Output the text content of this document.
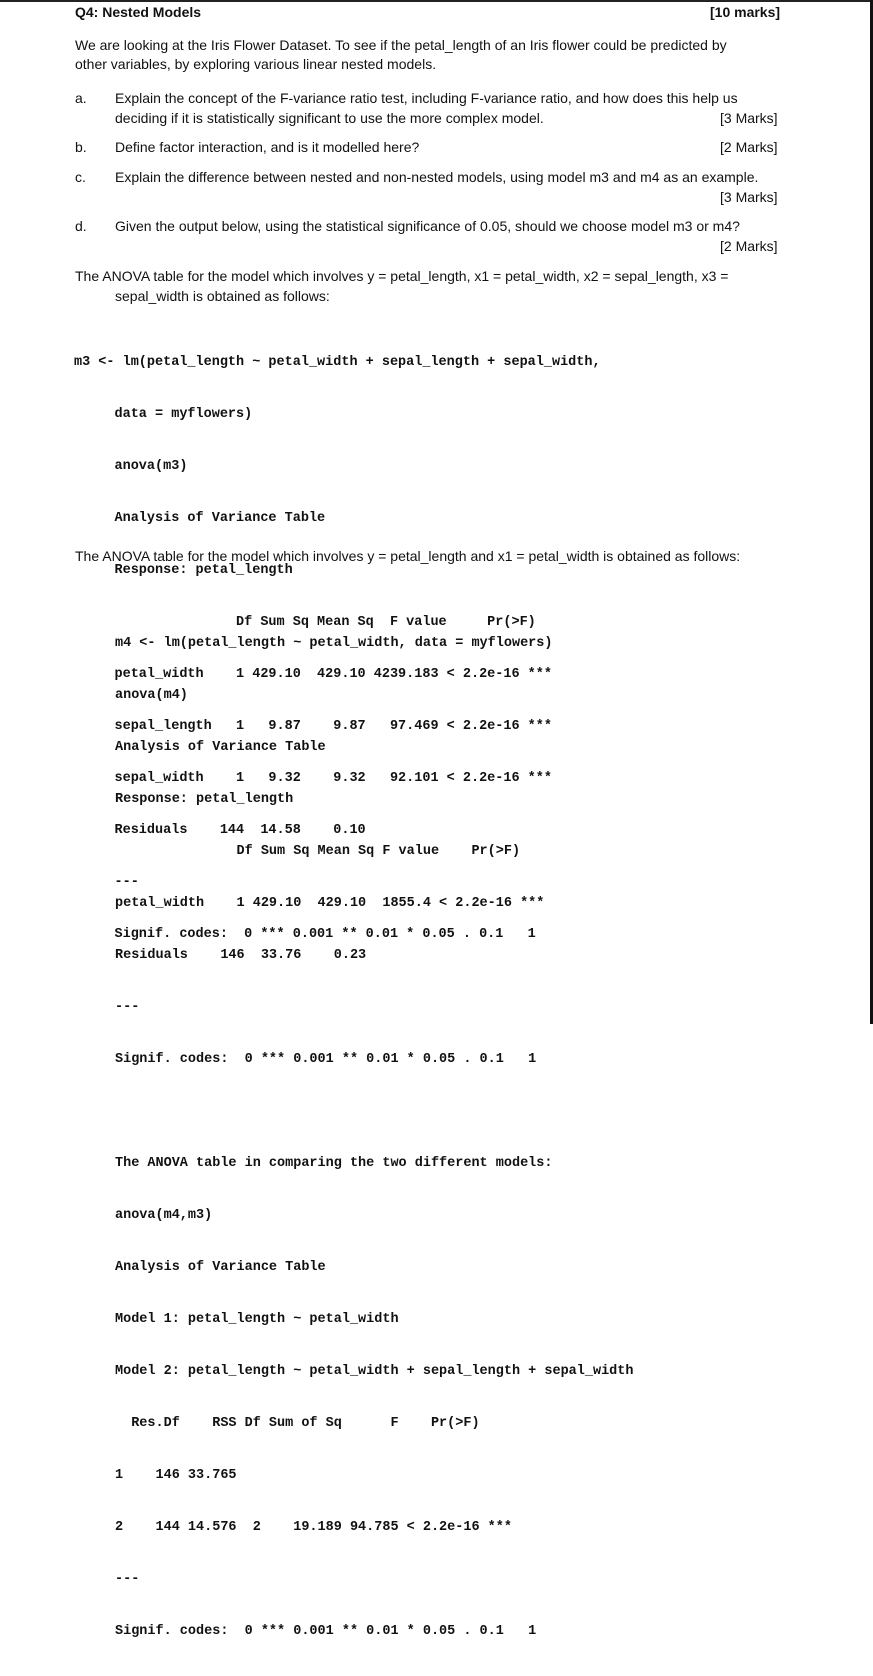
Q4: Nested Models	[10 marks]
We are looking at the Iris Flower Dataset. To see if the petal_length of an Iris flower could be predicted by
other variables, by exploring various linear nested models.
a.	Explain the concept of the F-variance ratio test, including F-variance ratio, and how does this help us
deciding if it is statistically significant to use the more complex model.	[3 Marks]
b.	Define factor interaction, and is it modelled here?	[2 Marks]
c.	Explain the difference between nested and non-nested models, using model m3 and m4 as an example.
[3 Marks]
d.	Given the output below, using the statistical significance of 0.05, should we choose model m3 or m4?
[2 Marks]
The ANOVA table for the model which involves y = petal_length, x1 = petal_width, x2 = sepal_length, x3 =
sepal_width is obtained as follows:

m3 <- lm(petal_length ~ petal_width + sepal_length + sepal_width,

data = myflowers)

anova(m3)

Analysis of Variance Table

Response: petal_length

Df Sum Sq Mean Sq  F value     Pr(>F)

petal_width    1 429.10  429.10 4239.183 < 2.2e-16 ***

sepal_length   1   9.87    9.87   97.469 < 2.2e-16 ***

sepal_width    1   9.32    9.32   92.101 < 2.2e-16 ***

Residuals    144  14.58    0.10

---

Signif. codes:  0 *** 0.001 ** 0.01 * 0.05 . 0.1   1

The ANOVA table for the model which involves y = petal_length and x1 = petal_width is obtained as follows:

m4 <- lm(petal_length ~ petal_width, data = myflowers)

anova(m4)

Analysis of Variance Table

Response: petal_length

Df Sum Sq Mean Sq F value    Pr(>F)

petal_width    1 429.10  429.10  1855.4 < 2.2e-16 ***

Residuals    146  33.76    0.23

---

Signif. codes:  0 *** 0.001 ** 0.01 * 0.05 . 0.1   1

The ANOVA table in comparing the two different models:

anova(m4,m3)

Analysis of Variance Table

Model 1: petal_length ~ petal_width

Model 2: petal_length ~ petal_width + sepal_length + sepal_width

Res.Df    RSS Df Sum of Sq      F    Pr(>F)

1    146 33.765

2    144 14.576  2    19.189 94.785 < 2.2e-16 ***

---

Signif. codes:  0 *** 0.001 ** 0.01 * 0.05 . 0.1   1
